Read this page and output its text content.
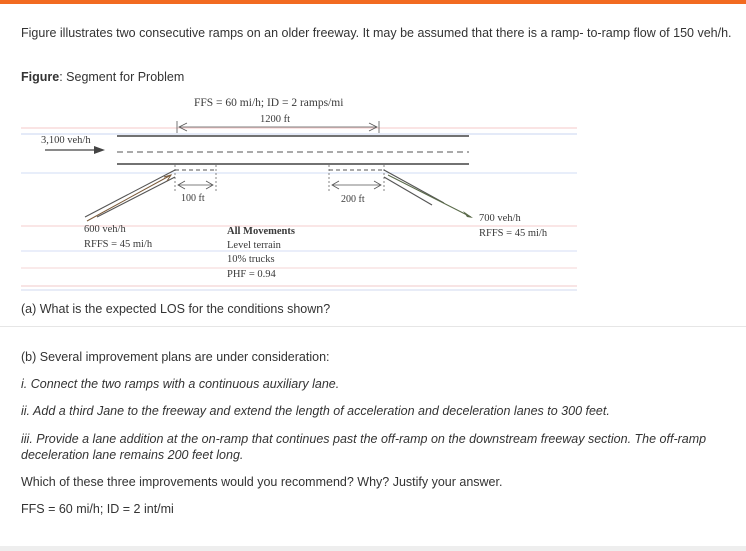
Figure illustrates two consecutive ramps on an older freeway. It may be assumed that there is a ramp- to-ramp flow of 150 veh/h.

Figure: Segment for Problem

FFS = 60 mi/h; ID = 2 ramps/mi
1200 ft
3,100 veh/h
100 ft	200 ft
600 veh/h
RFFS = 45 mi/h
700 veh/h
RFFS = 45 mi/h
All Movements
Level terrain
10% trucks
PHF = 0.94

(a) What is the expected LOS for the conditions shown?

(b) Several improvement plans are under consideration:

i. Connect the two ramps with a continuous auxiliary lane.

ii. Add a third Jane to the freeway and extend the length of acceleration and deceleration lanes to 300 feet.

iii. Provide a lane addition at the on-ramp that continues past the off-ramp on the downstream freeway section. The off-ramp deceleration lane remains 200 feet long.

Which of these three improvements would you recommend? Why? Justify your answer.

FFS = 60 mi/h; ID = 2 int/mi
